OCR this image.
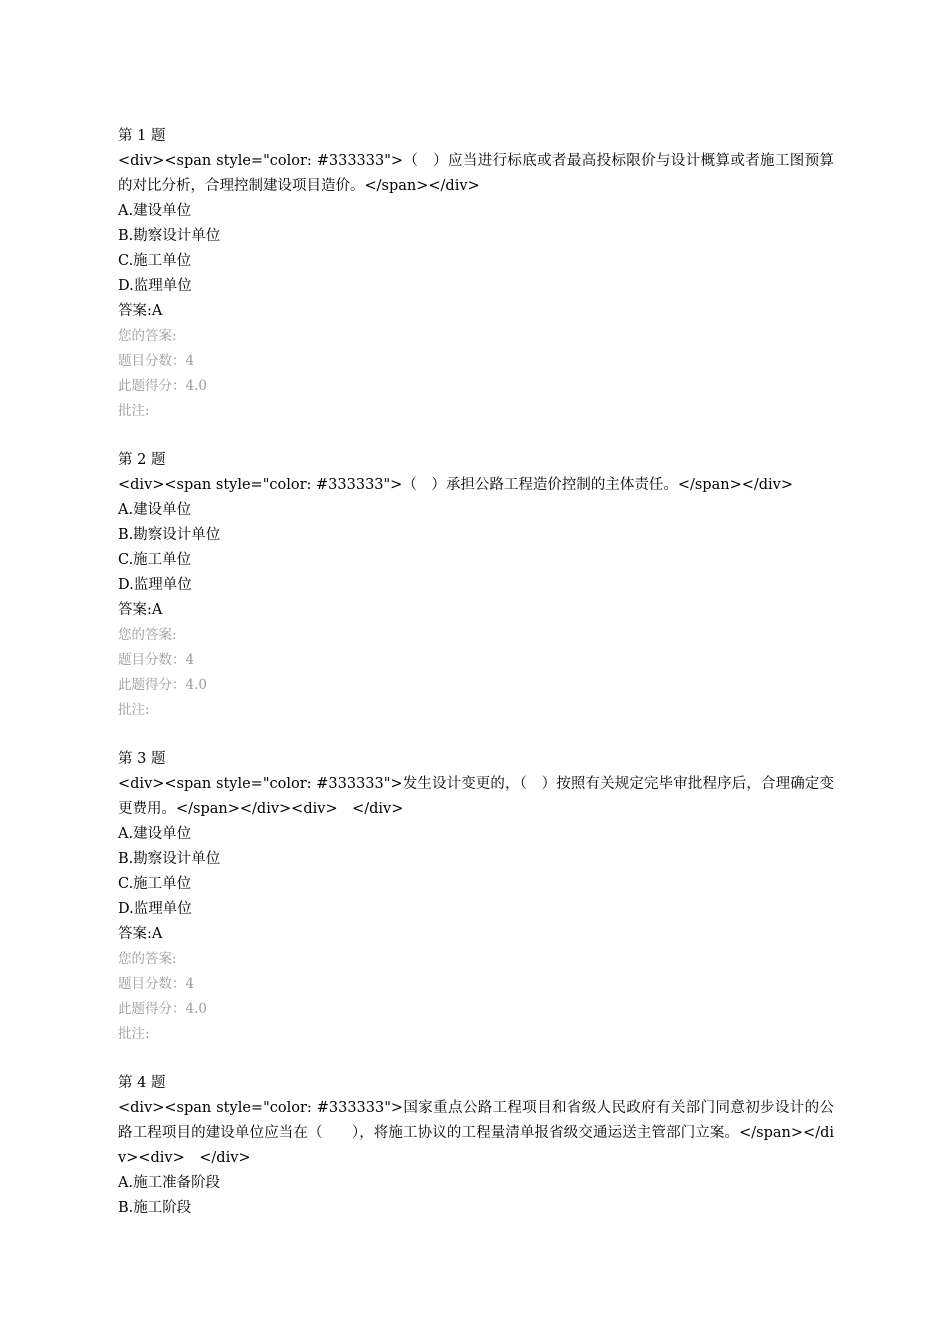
第 1 题
<div><span style="color: #333333">（　）应当进行标底或者最高投标限价与设计概算或者施工图预算的对比分析，合理控制建设项目造价。</span></div>
A.建设单位
B.勘察设计单位
C.施工单位
D.监理单位
答案:A
您的答案:
题目分数：4
此题得分：4.0
批注:
第 2 题
<div><span style="color: #333333">（　）承担公路工程造价控制的主体责任。</span></div>
A.建设单位
B.勘察设计单位
C.施工单位
D.监理单位
答案:A
您的答案:
题目分数：4
此题得分：4.0
批注:
第 3 题
<div><span style="color: #333333">发生设计变更的，（　）按照有关规定完毕审批程序后，合理确定变更费用。</span></div><div>　</div>
A.建设单位
B.勘察设计单位
C.施工单位
D.监理单位
答案:A
您的答案:
题目分数：4
此题得分：4.0
批注:
第 4 题
<div><span style="color: #333333">国家重点公路工程项目和省级人民政府有关部门同意初步设计的公路工程项目的建设单位应当在（　　），将施工协议的工程量清单报省级交通运送主管部门立案。</span></div><div>　</div>
A.施工准备阶段
B.施工阶段
